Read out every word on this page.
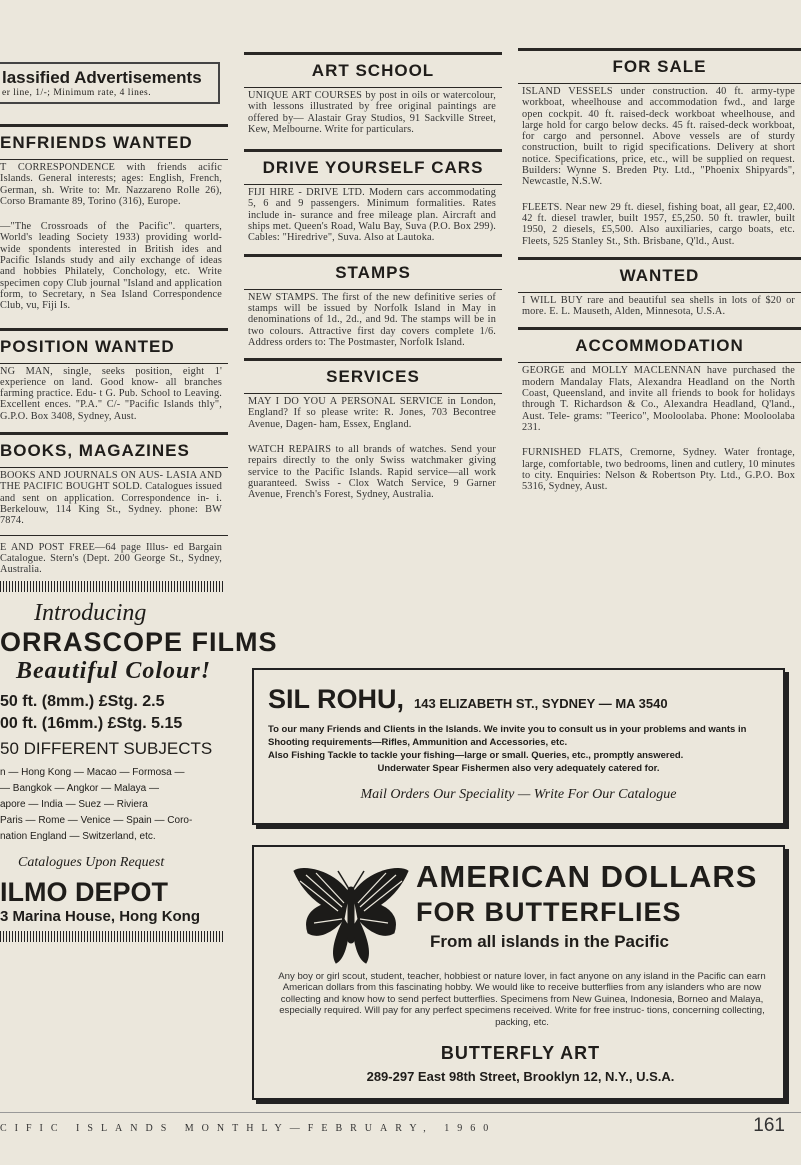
lassified Advertisements
er line, 1/-; Minimum rate, 4 lines.
ENFRIENDS WANTED

T CORRESPONDENCE with friends acific Islands. General interests; ages: English, French, German, sh. Write to: Mr. Nazzareno Rolle 26), Corso Bramante 89, Torino (316), Europe.

—"The Crossroads of the Pacific". quarters, World's leading Society 1933) providing world-wide spondents interested in British ides and Pacific Islands study and aily exchange of ideas and hobbies Philately, Conchology, etc. Write specimen copy Club journal "Island and application form, to Secretary, n Sea Island Correspondence Club, vu, Fiji Is.

POSITION WANTED

NG MAN, single, seeks position, eight 1' experience on land. Good know- all branches farming practice. Edu- t G. Pub. School to Leaving. Excellent ences. "P.A." C/- "Pacific Islands thly", G.P.O. Box 3408, Sydney, Aust.

BOOKS, MAGAZINES

BOOKS AND JOURNALS ON AUS- LASIA AND THE PACIFIC BOUGHT SOLD. Catalogues issued and sent on application. Correspondence in- i. Berkelouw, 114 King St., Sydney. phone: BW 7874.

E AND POST FREE—64 page Illus- ed Bargain Catalogue. Stern's (Dept. 200 George St., Sydney, Australia.

Introducing
ORRASCOPE FILMS
Beautiful Colour!
50 ft. (8mm.) £Stg. 2.5
00 ft. (16mm.) £Stg. 5.15
50 DIFFERENT SUBJECTS
n — Hong Kong — Macao — Formosa —
— Bangkok — Angkor — Malaya —
apore — India — Suez — Riviera
Paris — Rome — Venice — Spain — Coro-
nation England — Switzerland, etc.
Catalogues Upon Request
ILMO DEPOT
3 Marina House, Hong Kong
ART SCHOOL

UNIQUE ART COURSES by post in oils or watercolour, with lessons illustrated by free original paintings are offered by— Alastair Gray Studios, 91 Sackville Street, Kew, Melbourne. Write for particulars.

DRIVE YOURSELF CARS

FIJI HIRE - DRIVE LTD. Modern cars accommodating 5, 6 and 9 passengers. Minimum formalities. Rates include in- surance and free mileage plan. Aircraft and ships met. Queen's Road, Walu Bay, Suva (P.O. Box 299). Cables: "Hiredrive", Suva. Also at Lautoka.

STAMPS

NEW STAMPS. The first of the new definitive series of stamps will be issued by Norfolk Island in May in denominations of 1d., 2d., and 9d. The stamps will be in two colours. Attractive first day covers complete 1/6. Address orders to: The Postmaster, Norfolk Island.

SERVICES

MAY I DO YOU A PERSONAL SERVICE in London, England? If so please write: R. Jones, 703 Becontree Avenue, Dagen- ham, Essex, England.

WATCH REPAIRS to all brands of watches. Send your repairs directly to the only Swiss watchmaker giving service to the Pacific Islands. Rapid service—all work guaranteed. Swiss - Clox Watch Service, 9 Garner Avenue, French's Forest, Sydney, Australia.

FOR SALE

ISLAND VESSELS under construction. 40 ft. army-type workboat, wheelhouse and accommodation fwd., and large open cockpit. 40 ft. raised-deck workboat wheelhouse, and large hold for cargo below decks. 45 ft. raised-deck workboat, for cargo and personnel. Above vessels are of sturdy construction, built to rigid specifications. Delivery at short notice. Specifications, price, etc., will be supplied on request. Builders: Wynne S. Breden Pty. Ltd., "Phoenix Shipyards", Newcastle, N.S.W.

FLEETS. Near new 29 ft. diesel, fishing boat, all gear, £2,400. 42 ft. diesel trawler, built 1957, £5,250. 50 ft. trawler, built 1950, 2 diesels, £5,500. Also auxiliaries, cargo boats, etc. Fleets, 525 Stanley St., Sth. Brisbane, Q'ld., Aust.

WANTED

I WILL BUY rare and beautiful sea shells in lots of $20 or more. E. L. Mauseth, Alden, Minnesota, U.S.A.

ACCOMMODATION

GEORGE and MOLLY MACLENNAN have purchased the modern Mandalay Flats, Alexandra Headland on the North Coast, Queensland, and invite all friends to book for holidays through T. Richardson & Co., Alexandra Headland, Q'land., Aust. Tele- grams: "Teerico", Mooloolaba. Phone: Mooloolaba 231.

FURNISHED FLATS, Cremorne, Sydney. Water frontage, large, comfortable, two bedrooms, linen and cutlery, 10 minutes to city. Enquiries: Nelson & Robertson Pty. Ltd., G.P.O. Box 5316, Sydney, Aust.

SIL ROHU, 143 ELIZABETH ST., SYDNEY — MA 3540

To our many Friends and Clients in the Islands. We invite you to consult us in your problems and wants in Shooting requirements—Rifles, Ammunition and Accessories, etc.

Also Fishing Tackle to tackle your fishing—large or small. Queries, etc., promptly answered.

Underwater Spear Fishermen also very adequately catered for.

Mail Orders Our Speciality — Write For Our Catalogue

AMERICAN DOLLARS
FOR BUTTERFLIES
From all islands in the Pacific

Any boy or girl scout, student, teacher, hobbiest or nature lover, in fact anyone on any island in the Pacific can earn American dollars from this fascinating hobby. We would like to receive butterflies from any islanders who are now collecting and know how to send perfect butterflies. Specimens from New Guinea, Indonesia, Borneo and Malaya, especially required. Will pay for any perfect specimens received. Write for free instruc- tions, concerning collecting, packing, etc.

BUTTERFLY ART
289-297 East 98th Street, Brooklyn 12, N.Y., U.S.A.
CIFIC ISLANDS MONTHLY—FEBRUARY, 1960	161
